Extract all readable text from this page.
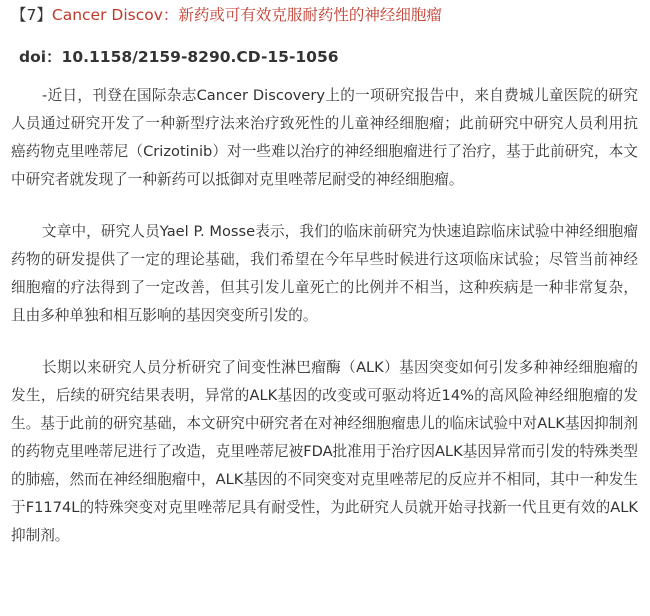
【7】Cancer Discov：新药或可有效克服耐药性的神经细胞瘤
doi：10.1158/2159-8290.CD-15-1056

-近日，刊登在国际杂志Cancer Discovery上的一项研究报告中，来自费城儿童医院的研究人员通过研究开发了一种新型疗法来治疗致死性的儿童神经细胞瘤；此前研究中研究人员利用抗癌药物克里唑蒂尼（Crizotinib）对一些难以治疗的神经细胞瘤进行了治疗，基于此前研究，本文中研究者就发现了一种新药可以抵御对克里唑蒂尼耐受的神经细胞瘤。

文章中，研究人员Yael P. Mosse表示，我们的临床前研究为快速追踪临床试验中神经细胞瘤药物的研发提供了一定的理论基础，我们希望在今年早些时候进行这项临床试验；尽管当前神经细胞瘤的疗法得到了一定改善，但其引发儿童死亡的比例并不相当，这种疾病是一种非常复杂，且由多种单独和相互影响的基因突变所引发的。

长期以来研究人员分析研究了间变性淋巴瘤酶（ALK）基因突变如何引发多种神经细胞瘤的发生，后续的研究结果表明，异常的ALK基因的改变或可驱动将近14%的高风险神经细胞瘤的发生。基于此前的研究基础，本文研究中研究者在对神经细胞瘤患儿的临床试验中对ALK基因抑制剂的药物克里唑蒂尼进行了改造，克里唑蒂尼被FDA批准用于治疗因ALK基因异常而引发的特殊类型的肺癌，然而在神经细胞瘤中，ALK基因的不同突变对克里唑蒂尼的反应并不相同，其中一种发生于F1174L的特殊突变对克里唑蒂尼具有耐受性，为此研究人员就开始寻找新一代且更有效的ALK抑制剂。
